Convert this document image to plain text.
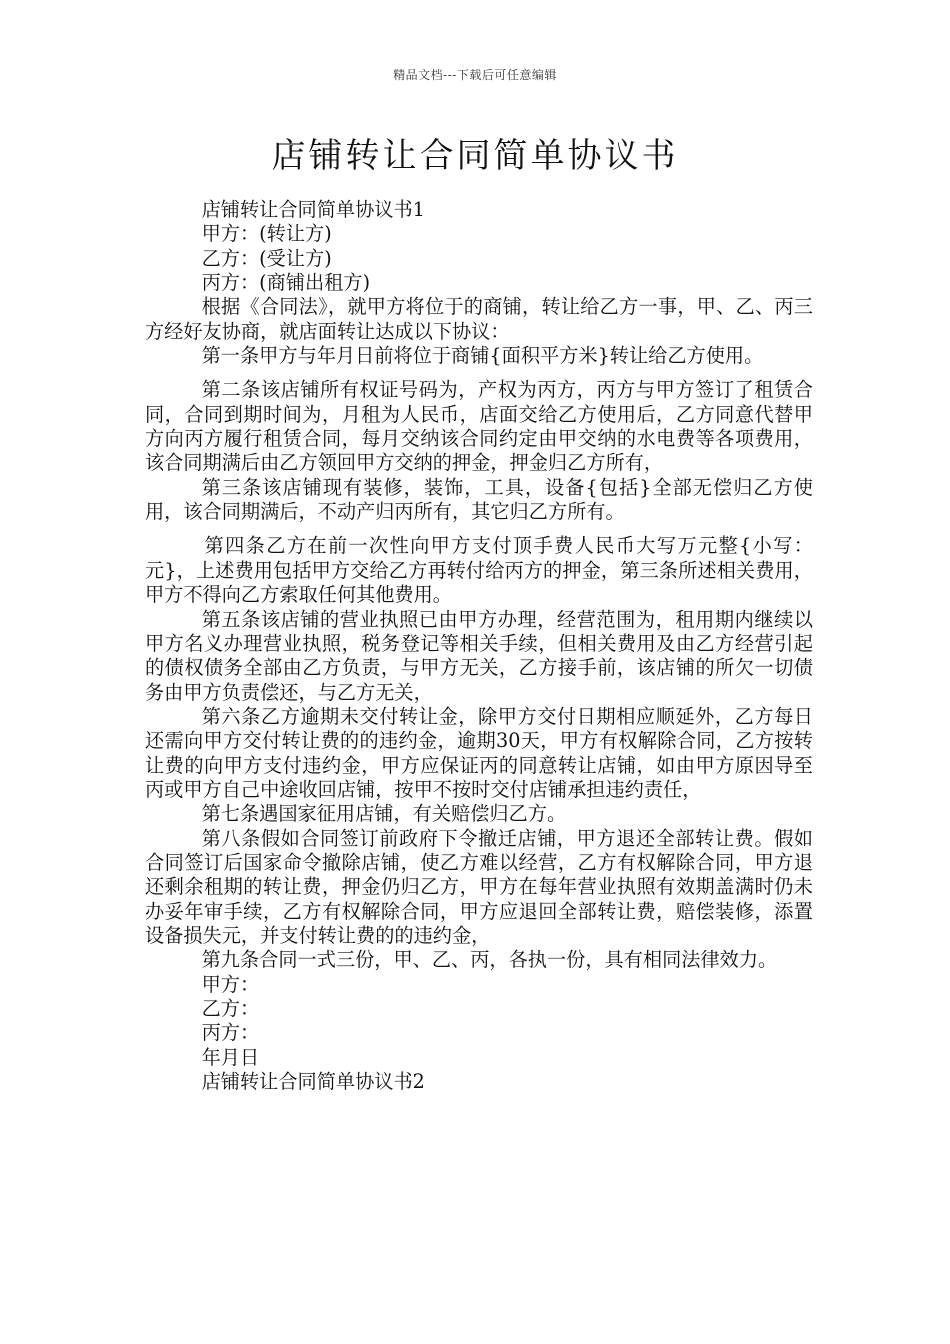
精品文档---下载后可任意编辑
店铺转让合同简单协议书

店铺转让合同简单协议书1

甲方：(转让方)

乙方：(受让方)

丙方：(商铺出租方)

根据《合同法》，就甲方将位于的商铺，转让给乙方一事，甲、乙、丙三方经好友协商，就店面转让达成以下协议：

第一条甲方与年月日前将位于商铺{面积平方米}转让给乙方使用。

第二条该店铺所有权证号码为，产权为丙方，丙方与甲方签订了租赁合同，合同到期时间为，月租为人民币，店面交给乙方使用后，乙方同意代替甲方向丙方履行租赁合同，每月交纳该合同约定由甲交纳的水电费等各项费用，该合同期满后由乙方领回甲方交纳的押金，押金归乙方所有，

第三条该店铺现有装修，装饰，工具，设备{包括}全部无偿归乙方使用，该合同期满后，不动产归丙所有，其它归乙方所有。

第四条乙方在前一次性向甲方支付顶手费人民币大写万元整{小写：元}，上述费用包括甲方交给乙方再转付给丙方的押金，第三条所述相关费用，甲方不得向乙方索取任何其他费用。

第五条该店铺的营业执照已由甲方办理，经营范围为，租用期内继续以甲方名义办理营业执照，税务登记等相关手续，但相关费用及由乙方经营引起的债权债务全部由乙方负责，与甲方无关，乙方接手前，该店铺的所欠一切债务由甲方负责偿还，与乙方无关，

第六条乙方逾期未交付转让金，除甲方交付日期相应顺延外，乙方每日还需向甲方交付转让费的的违约金，逾期30天，甲方有权解除合同，乙方按转让费的向甲方支付违约金，甲方应保证丙的同意转让店铺，如由甲方原因导至丙或甲方自己中途收回店铺，按甲不按时交付店铺承担违约责任，

第七条遇国家征用店铺，有关赔偿归乙方。

第八条假如合同签订前政府下令撤迁店铺，甲方退还全部转让费。假如合同签订后国家命令撤除店铺，使乙方难以经营，乙方有权解除合同，甲方退还剩余租期的转让费，押金仍归乙方，甲方在每年营业执照有效期盖满时仍未办妥年审手续，乙方有权解除合同，甲方应退回全部转让费，赔偿装修，添置设备损失元，并支付转让费的的违约金，

第九条合同一式三份，甲、乙、丙，各执一份，具有相同法律效力。

甲方：

乙方：

丙方：

年月日

店铺转让合同简单协议书2
